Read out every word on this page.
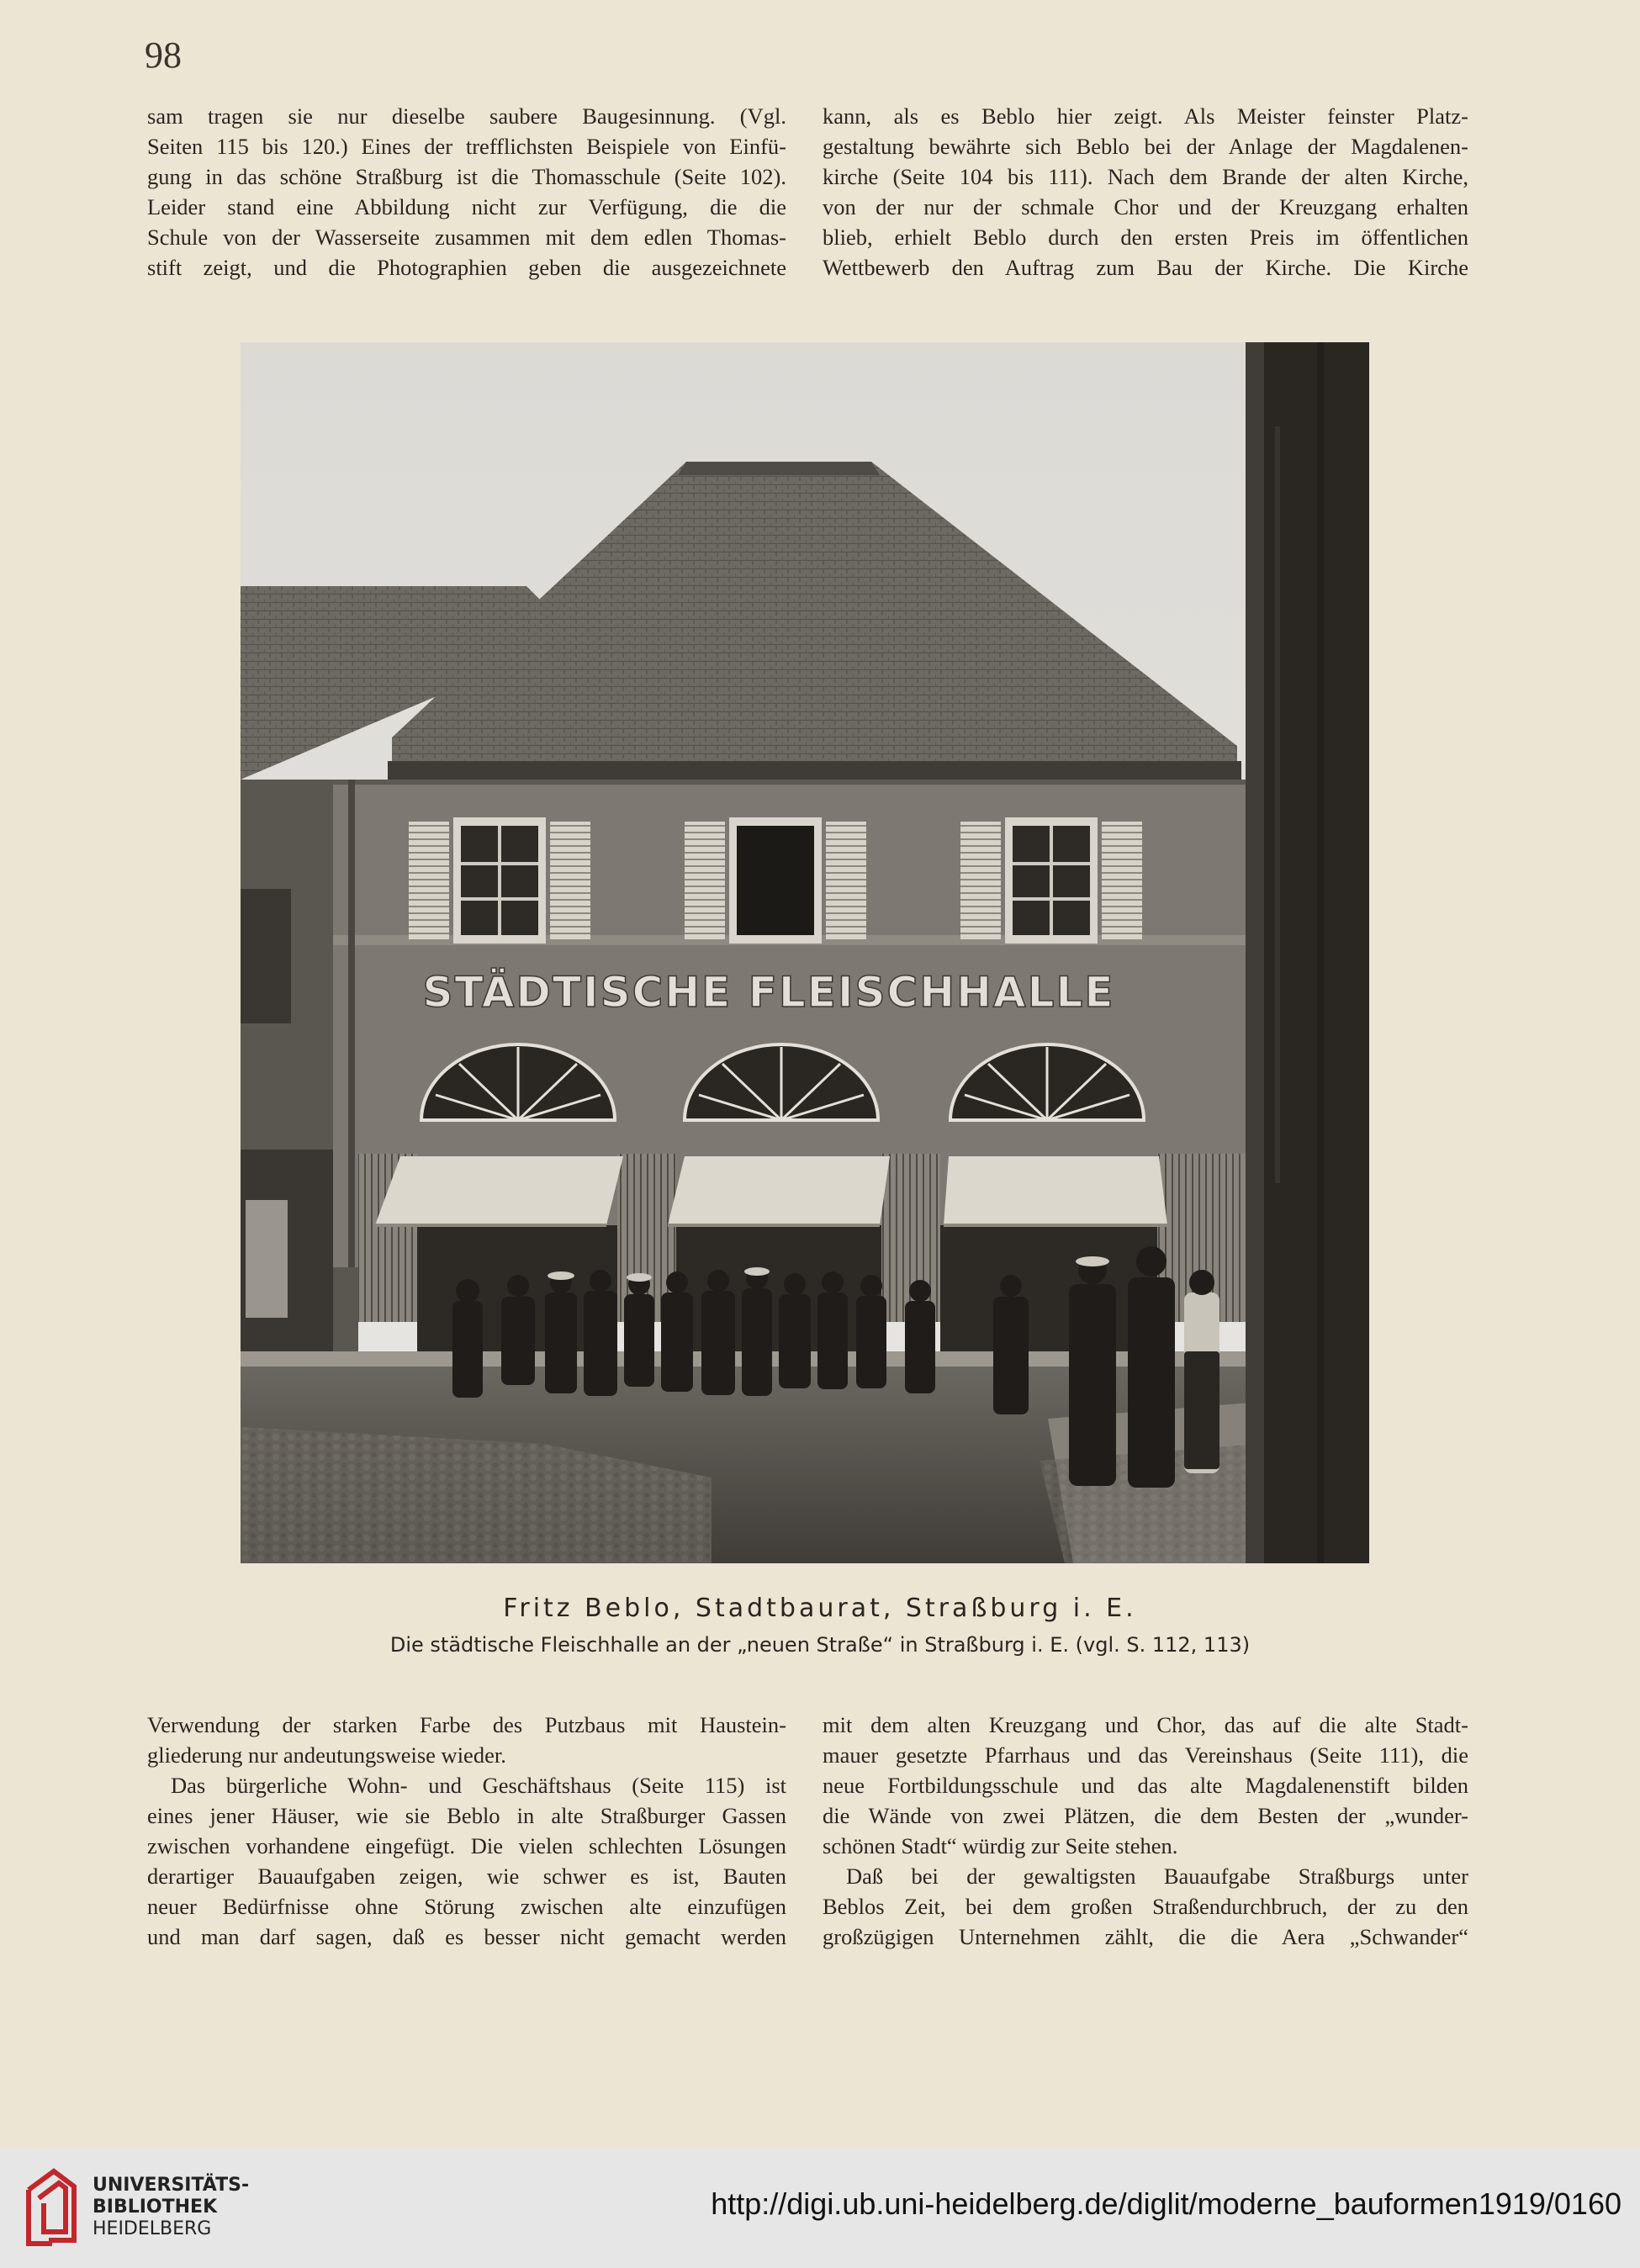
98
sam tragen sie nur dieselbe saubere Baugesinnung. (Vgl.
Seiten 115 bis 120.) Eines der trefflichsten Beispiele von Einfü-
gung in das schöne Straßburg ist die Thomasschule (Seite 102).
Leider stand eine Abbildung nicht zur Verfügung, die die
Schule von der Wasserseite zusammen mit dem edlen Thomas-
stift zeigt, und die Photographien geben die ausgezeichnete
kann, als es Beblo hier zeigt. Als Meister feinster Platz-
gestaltung bewährte sich Beblo bei der Anlage der Magdalenen-
kirche (Seite 104 bis 111). Nach dem Brande der alten Kirche,
von der nur der schmale Chor und der Kreuzgang erhalten
blieb, erhielt Beblo durch den ersten Preis im öffentlichen
Wettbewerb den Auftrag zum Bau der Kirche. Die Kirche
STÄDTISCHE FLEISCHHALLE
Fritz Beblo, Stadtbaurat, Straßburg i. E.
Die städtische Fleischhalle an der „neuen Straße“ in Straßburg i. E. (vgl. S. 112, 113)
Verwendung der starken Farbe des Putzbaus mit Haustein-
gliederung nur andeutungsweise wieder.
Das bürgerliche Wohn- und Geschäftshaus (Seite 115) ist
eines jener Häuser, wie sie Beblo in alte Straßburger Gassen
zwischen vorhandene eingefügt. Die vielen schlechten Lösungen
derartiger Bauaufgaben zeigen, wie schwer es ist, Bauten
neuer Bedürfnisse ohne Störung zwischen alte einzufügen
und man darf sagen, daß es besser nicht gemacht werden
mit dem alten Kreuzgang und Chor, das auf die alte Stadt-
mauer gesetzte Pfarrhaus und das Vereinshaus (Seite 111), die
neue Fortbildungsschule und das alte Magdalenenstift bilden
die Wände von zwei Plätzen, die dem Besten der „wunder-
schönen Stadt“ würdig zur Seite stehen.
Daß bei der gewaltigsten Bauaufgabe Straßburgs unter
Beblos Zeit, bei dem großen Straßendurchbruch, der zu den
großzügigen Unternehmen zählt, die die Aera „Schwander“
UNIVERSITÄTS-
BIBLIOTHEK
HEIDELBERG
http://digi.ub.uni-heidelberg.de/diglit/moderne_bauformen1919/0160
